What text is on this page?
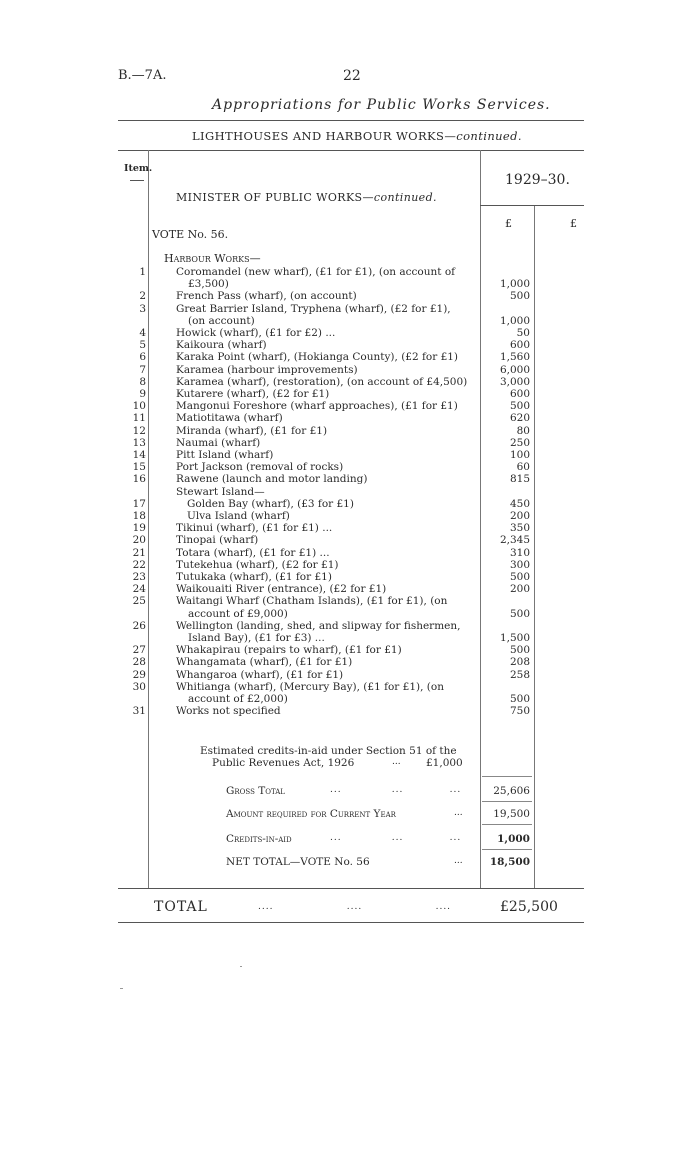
B.—7A.	22
Appropriations for Public Works Services.
LIGHTHOUSES AND HARBOUR WORKS—continued.
Item.
1929–30.
MINISTER OF PUBLIC WORKS—continued.
£	£
VOTE No. 56.
Harbour Works—
1	Coromandel (new wharf), (£1 for £1), (on account of
£3,500)	1,000
2	French Pass (wharf), (on account)	500
3	Great Barrier Island, Tryphena (wharf), (£2 for £1),
(on account)	1,000
4	Howick (wharf), (£1 for £2) ...	50
5	Kaikoura (wharf)	600
6	Karaka Point (wharf), (Hokianga County), (£2 for £1)	1,560
7	Karamea (harbour improvements)	6,000
8	Karamea (wharf), (restoration), (on account of £4,500)	3,000
9	Kutarere (wharf), (£2 for £1)	600
10	Mangonui Foreshore (wharf approaches), (£1 for £1)	500
11	Matiotitawa (wharf)	620
12	Miranda (wharf), (£1 for £1)	80
13	Naumai (wharf)	250
14	Pitt Island (wharf)	100
15	Port Jackson (removal of rocks)	60
16	Rawene (launch and motor landing)	815
Stewart Island—
17	Golden Bay (wharf), (£3 for £1)	450
18	Ulva Island (wharf)	200
19	Tikinui (wharf), (£1 for £1) ...	350
20	Tinopai (wharf)	2,345
21	Totara (wharf), (£1 for £1) ...	310
22	Tutekehua (wharf), (£2 for £1)	300
23	Tutukaka (wharf), (£1 for £1)	500
24	Waikouaiti River (entrance), (£2 for £1)	200
25	Waitangi Wharf (Chatham Islands), (£1 for £1), (on
account of £9,000)	500
26	Wellington (landing, shed, and slipway for fishermen,
Island Bay), (£1 for £3) ...	1,500
27	Whakapirau (repairs to wharf), (£1 for £1)	500
28	Whangamata (wharf), (£1 for £1)	208
29	Whangaroa (wharf), (£1 for £1)	258
30	Whitianga (wharf), (Mercury Bay), (£1 for £1), (on
account of £2,000)	500
31	Works not specified	750
Estimated credits-in-aid under Section 51 of the
Public Revenues Act, 1926	... £1,000
Gross Total	...             ...            ...	25,606
Amount required for Current Year	...	19,500
Credits-in-aid	...             ...            ...	1,000
NET TOTAL—VOTE No. 56	...	18,500
TOTAL	....                   ....                   ....	£25,500
